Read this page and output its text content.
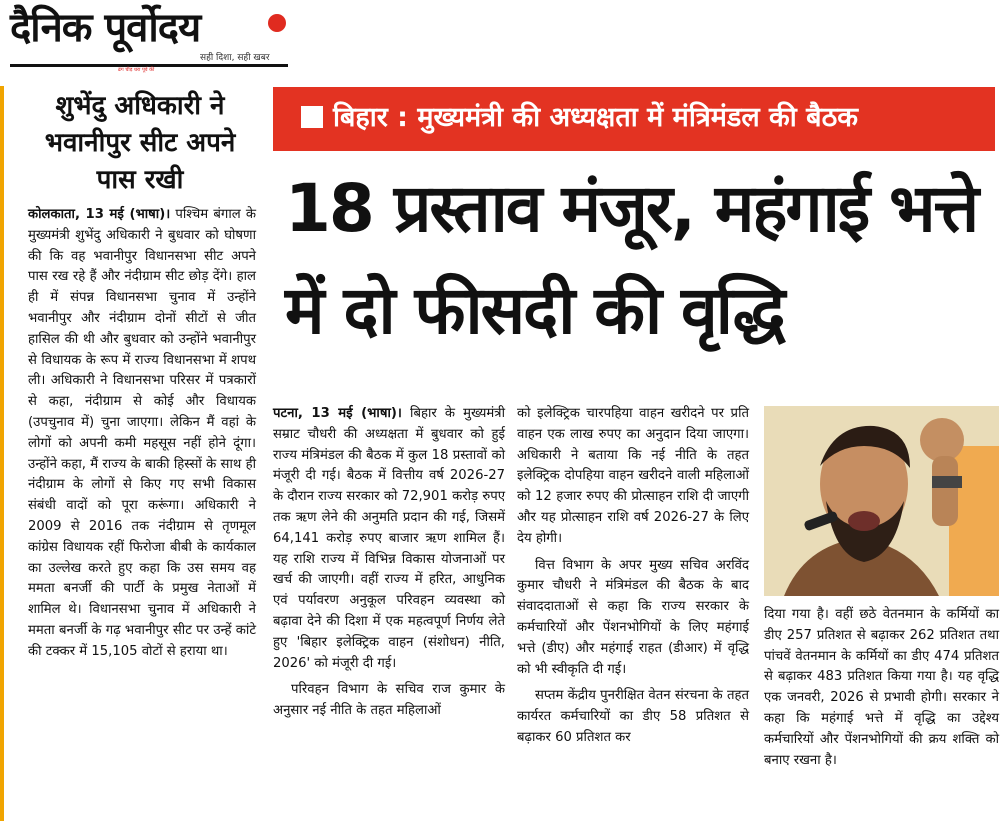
दैनिक पूर्वोदय
सही दिशा, सही खबर
ढंग चीड़ धरा पूर्व की
शुभेंदु अधिकारी ने भवानीपुर सीट अपने पास रखी
कोलकाता, 13 मई (भाषा)। पश्चिम बंगाल के मुख्यमंत्री शुभेंदु अधिकारी ने बुधवार को घोषणा की कि वह भवानीपुर विधानसभा सीट अपने पास रख रहे हैं और नंदीग्राम सीट छोड़ देंगे। हाल ही में संपन्न विधानसभा चुनाव में उन्होंने भवानीपुर और नंदीग्राम दोनों सीटों से जीत हासिल की थी और बुधवार को उन्होंने भवानीपुर से विधायक के रूप में राज्य विधानसभा में शपथ ली। अधिकारी ने विधानसभा परिसर में पत्रकारों से कहा, नंदीग्राम से कोई और विधायक (उपचुनाव में) चुना जाएगा। लेकिन मैं वहां के लोगों को अपनी कमी महसूस नहीं होने दूंगा। उन्होंने कहा, मैं राज्य के बाकी हिस्सों के साथ ही नंदीग्राम के लोगों से किए गए सभी विकास संबंधी वादों को पूरा करूंगा। अधिकारी ने 2009 से 2016 तक नंदीग्राम से तृणमूल कांग्रेस विधायक रहीं फिरोजा बीबी के कार्यकाल का उल्लेख करते हुए कहा कि उस समय वह ममता बनर्जी की पार्टी के प्रमुख नेताओं में शामिल थे। विधानसभा चुनाव में अधिकारी ने ममता बनर्जी के गढ़ भवानीपुर सीट पर उन्हें कांटे की टक्कर में 15,105 वोटों से हराया था।
बिहार : मुख्यमंत्री की अध्यक्षता में मंत्रिमंडल की बैठक
18 प्रस्ताव मंजूर, महंगाई भत्ते में दो फीसदी की वृद्धि

पटना, 13 मई (भाषा)। बिहार के मुख्यमंत्री सम्राट चौधरी की अध्यक्षता में बुधवार को हुई राज्य मंत्रिमंडल की बैठक में कुल 18 प्रस्तावों को मंजूरी दी गई। बैठक में वित्तीय वर्ष 2026-27 के दौरान राज्य सरकार को 72,901 करोड़ रुपए तक ऋण लेने की अनुमति प्रदान की गई, जिसमें 64,141 करोड़ रुपए बाजार ऋण शामिल हैं। यह राशि राज्य में विभिन्न विकास योजनाओं पर खर्च की जाएगी। वहीं राज्य में हरित, आधुनिक एवं पर्यावरण अनुकूल परिवहन व्यवस्था को बढ़ावा देने की दिशा में एक महत्वपूर्ण निर्णय लेते हुए 'बिहार इलेक्ट्रिक वाहन (संशोधन) नीति, 2026' को मंजूरी दी गई।

परिवहन विभाग के सचिव राज कुमार के अनुसार नई नीति के तहत महिलाओं

को इलेक्ट्रिक चारपहिया वाहन खरीदने पर प्रति वाहन एक लाख रुपए का अनुदान दिया जाएगा। अधिकारी ने बताया कि नई नीति के तहत इलेक्ट्रिक दोपहिया वाहन खरीदने वाली महिलाओं को 12 हजार रुपए की प्रोत्साहन राशि दी जाएगी और यह प्रोत्साहन राशि वर्ष 2026-27 के लिए देय होगी।

वित्त विभाग के अपर मुख्य सचिव अरविंद कुमार चौधरी ने मंत्रिमंडल की बैठक के बाद संवाददाताओं से कहा कि राज्य सरकार के कर्मचारियों और पेंशनभोगियों के लिए महंगाई भत्ते (डीए) और महंगाई राहत (डीआर) में वृद्धि को भी स्वीकृति दी गई।

सप्तम केंद्रीय पुनरीक्षित वेतन संरचना के तहत कार्यरत कर्मचारियों का डीए 58 प्रतिशत से बढ़ाकर 60 प्रतिशत कर

दिया गया है। वहीं छठे वेतनमान के कर्मियों का डीए 257 प्रतिशत से बढ़ाकर 262 प्रतिशत तथा पांचवें वेतनमान के कर्मियों का डीए 474 प्रतिशत से बढ़ाकर 483 प्रतिशत किया गया है। यह वृद्धि एक जनवरी, 2026 से प्रभावी होगी। सरकार ने कहा कि महंगाई भत्ते में वृद्धि का उद्देश्य कर्मचारियों और पेंशनभोगियों की क्रय शक्ति को बनाए रखना है।
